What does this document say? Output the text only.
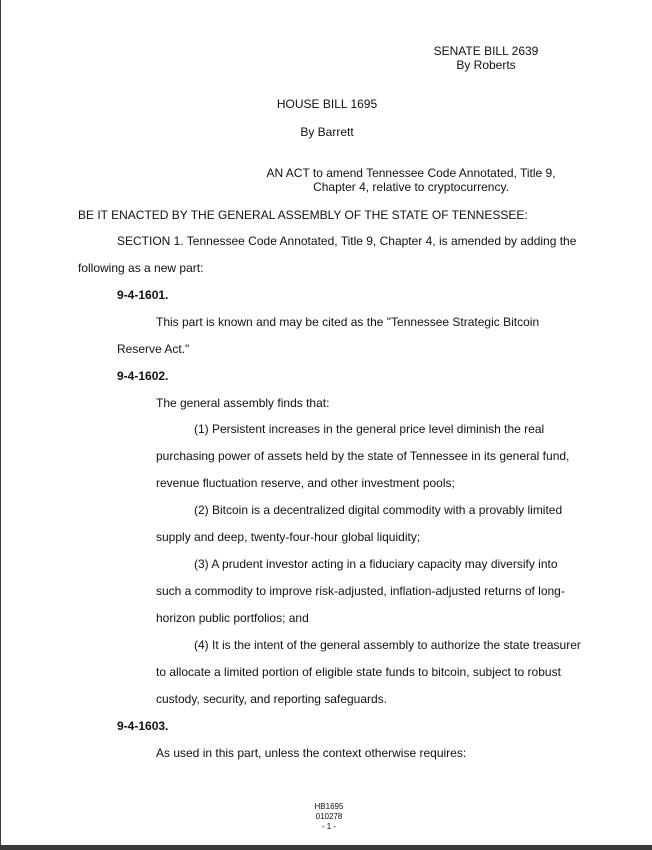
SENATE BILL 2639
By Roberts
HOUSE BILL 1695
By Barrett
AN ACT to amend Tennessee Code Annotated, Title 9,
Chapter 4, relative to cryptocurrency.
BE IT ENACTED BY THE GENERAL ASSEMBLY OF THE STATE OF TENNESSEE:
SECTION 1. Tennessee Code Annotated, Title 9, Chapter 4, is amended by adding the
following as a new part:
9-4-1601.
This part is known and may be cited as the "Tennessee Strategic Bitcoin
Reserve Act."
9-4-1602.
The general assembly finds that:
(1) Persistent increases in the general price level diminish the real
purchasing power of assets held by the state of Tennessee in its general fund,
revenue fluctuation reserve, and other investment pools;
(2) Bitcoin is a decentralized digital commodity with a provably limited
supply and deep, twenty-four-hour global liquidity;
(3) A prudent investor acting in a fiduciary capacity may diversify into
such a commodity to improve risk-adjusted, inflation-adjusted returns of long-
horizon public portfolios; and
(4) It is the intent of the general assembly to authorize the state treasurer
to allocate a limited portion of eligible state funds to bitcoin, subject to robust
custody, security, and reporting safeguards.
9-4-1603.
As used in this part, unless the context otherwise requires:
HB1695
010278
- 1 -
